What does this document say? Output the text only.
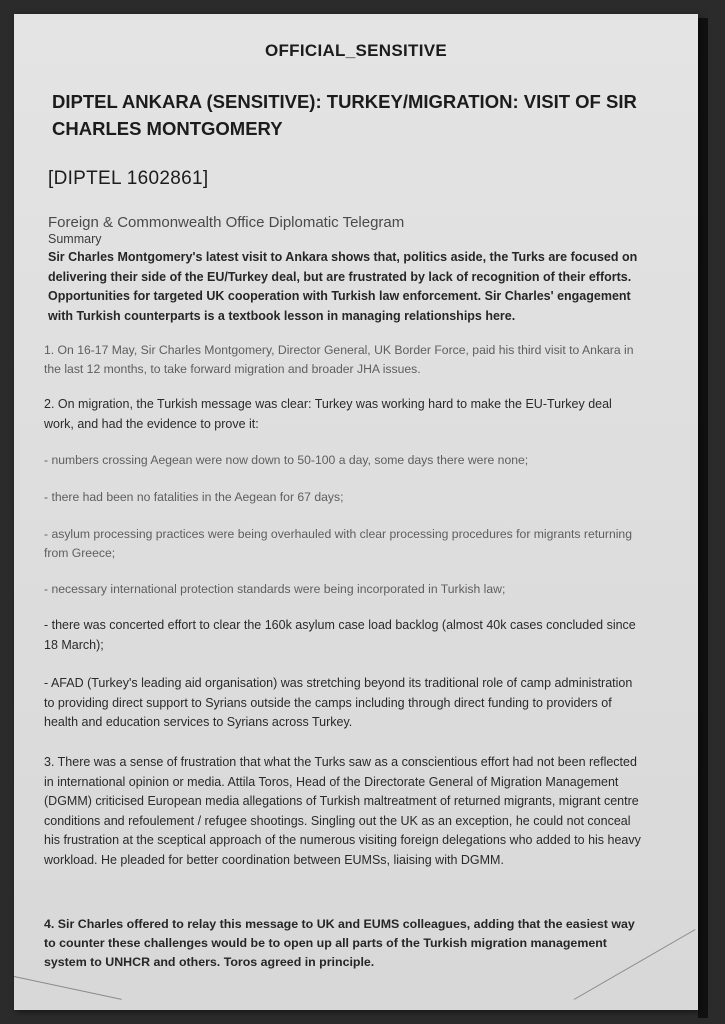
OFFICIAL_SENSITIVE
DIPTEL ANKARA (SENSITIVE): TURKEY/MIGRATION: VISIT OF SIR CHARLES MONTGOMERY
[DIPTEL 1602861]
Foreign & Commonwealth Office Diplomatic Telegram
Summary
Sir Charles Montgomery's latest visit to Ankara shows that, politics aside, the Turks are focused on delivering their side of the EU/Turkey deal, but are frustrated by lack of recognition of their efforts. Opportunities for targeted UK cooperation with Turkish law enforcement. Sir Charles' engagement with Turkish counterparts is a textbook lesson in managing relationships here.
1. On 16-17 May, Sir Charles Montgomery, Director General, UK Border Force, paid his third visit to Ankara in the last 12 months, to take forward migration and broader JHA issues.
2. On migration, the Turkish message was clear: Turkey was working hard to make the EU-Turkey deal work, and had the evidence to prove it:
- numbers crossing Aegean were now down to 50-100 a day, some days there were none;
- there had been no fatalities in the Aegean for 67 days;
- asylum processing practices were being overhauled with clear processing procedures for migrants returning from Greece;
- necessary international protection standards were being incorporated in Turkish law;
- there was concerted effort to clear the 160k asylum case load backlog (almost 40k cases concluded since 18 March);
- AFAD (Turkey's leading aid organisation) was stretching beyond its traditional role of camp administration to providing direct support to Syrians outside the camps including through direct funding to providers of health and education services to Syrians across Turkey.
3. There was a sense of frustration that what the Turks saw as a conscientious effort had not been reflected in international opinion or media. Attila Toros, Head of the Directorate General of Migration Management (DGMM) criticised European media allegations of Turkish maltreatment of returned migrants, migrant centre conditions and refoulement / refugee shootings. Singling out the UK as an exception, he could not conceal his frustration at the sceptical approach of the numerous visiting foreign delegations who added to his heavy workload. He pleaded for better coordination between EUMSs, liaising with DGMM.
4. Sir Charles offered to relay this message to UK and EUMS colleagues, adding that the easiest way to counter these challenges would be to open up all parts of the Turkish migration management system to UNHCR and others. Toros agreed in principle.
